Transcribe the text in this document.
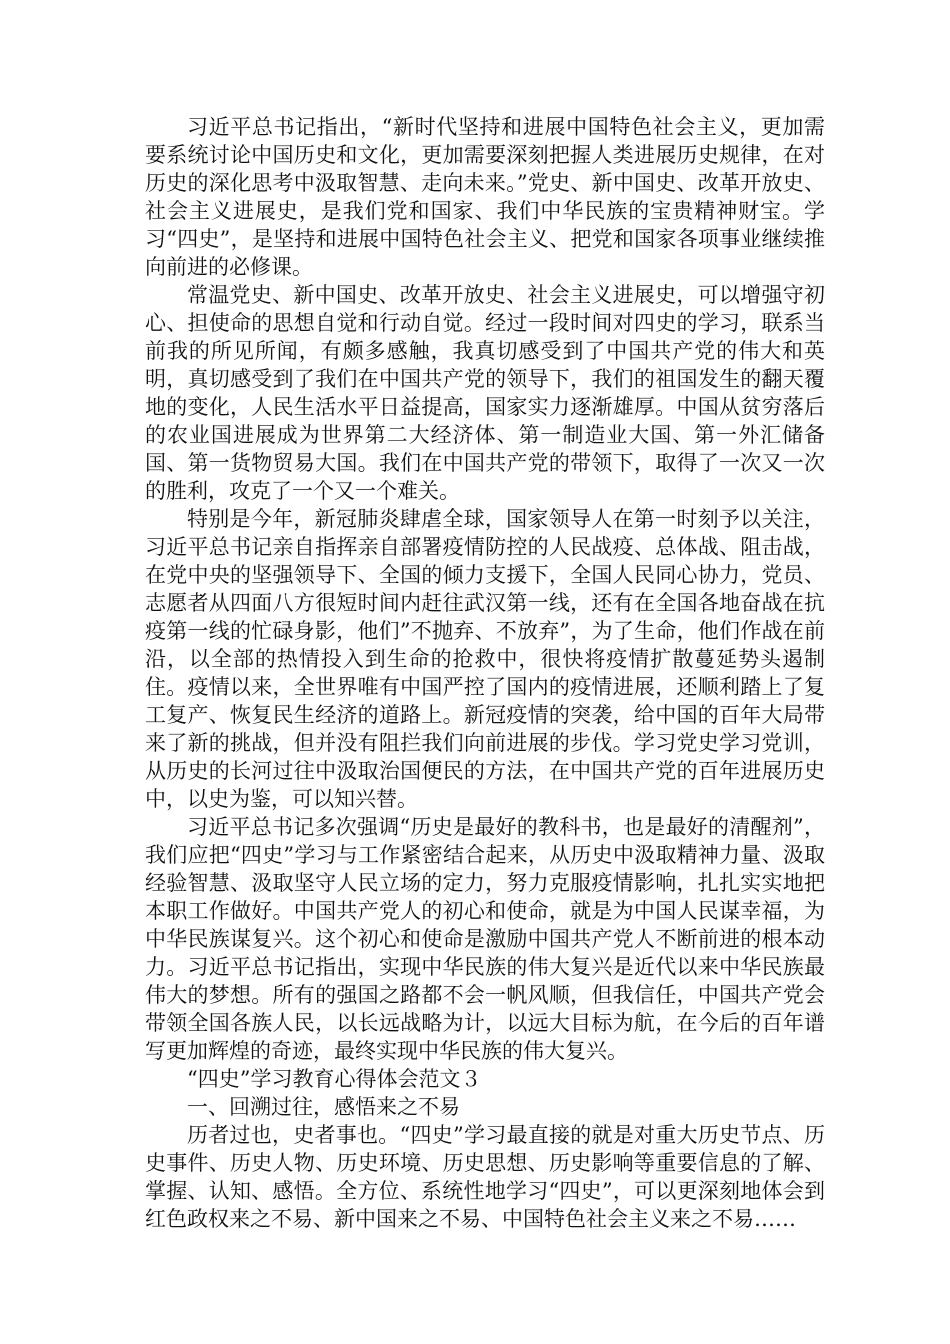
习近平总书记指出，“新时代坚持和进展中国特色社会主义，更加需要系统讨论中国历史和文化，更加需要深刻把握人类进展历史规律，在对历史的深化思考中汲取智慧、走向未来。”党史、新中国史、改革开放史、社会主义进展史，是我们党和国家、我们中华民族的宝贵精神财宝。学习“四史”，是坚持和进展中国特色社会主义、把党和国家各项事业继续推向前进的必修课。

常温党史、新中国史、改革开放史、社会主义进展史，可以增强守初心、担使命的思想自觉和行动自觉。经过一段时间对四史的学习，联系当前我的所见所闻，有颇多感触，我真切感受到了中国共产党的伟大和英明，真切感受到了我们在中国共产党的领导下，我们的祖国发生的翻天覆地的变化，人民生活水平日益提高，国家实力逐渐雄厚。中国从贫穷落后的农业国进展成为世界第二大经济体、第一制造业大国、第一外汇储备国、第一货物贸易大国。我们在中国共产党的带领下，取得了一次又一次的胜利，攻克了一个又一个难关。

特别是今年，新冠肺炎肆虐全球，国家领导人在第一时刻予以关注，习近平总书记亲自指挥亲自部署疫情防控的人民战疫、总体战、阻击战，在党中央的坚强领导下、全国的倾力支援下，全国人民同心协力，党员、志愿者从四面八方很短时间内赶往武汉第一线，还有在全国各地奋战在抗疫第一线的忙碌身影，他们”不抛弃、不放弃”，为了生命，他们作战在前沿，以全部的热情投入到生命的抢救中，很快将疫情扩散蔓延势头遏制住。疫情以来，全世界唯有中国严控了国内的疫情进展，还顺利踏上了复工复产、恢复民生经济的道路上。新冠疫情的突袭，给中国的百年大局带来了新的挑战，但并没有阻拦我们向前进展的步伐。学习党史学习党训，从历史的长河过往中汲取治国便民的方法，在中国共产党的百年进展历史中，以史为鉴，可以知兴替。

习近平总书记多次强调“历史是最好的教科书，也是最好的清醒剂”，我们应把“四史”学习与工作紧密结合起来，从历史中汲取精神力量、汲取经验智慧、汲取坚守人民立场的定力，努力克服疫情影响，扎扎实实地把本职工作做好。中国共产党人的初心和使命，就是为中国人民谋幸福，为中华民族谋复兴。这个初心和使命是激励中国共产党人不断前进的根本动力。习近平总书记指出，实现中华民族的伟大复兴是近代以来中华民族最伟大的梦想。所有的强国之路都不会一帆风顺，但我信任，中国共产党会带领全国各族人民，以长远战略为计，以远大目标为航，在今后的百年谱写更加辉煌的奇迹，最终实现中华民族的伟大复兴。

“四史”学习教育心得体会范文３

一、回溯过往，感悟来之不易

历者过也，史者事也。“四史”学习最直接的就是对重大历史节点、历史事件、历史人物、历史环境、历史思想、历史影响等重要信息的了解、掌握、认知、感悟。全方位、系统性地学习“四史”，可以更深刻地体会到红色政权来之不易、新中国来之不易、中国特色社会主义来之不易……
